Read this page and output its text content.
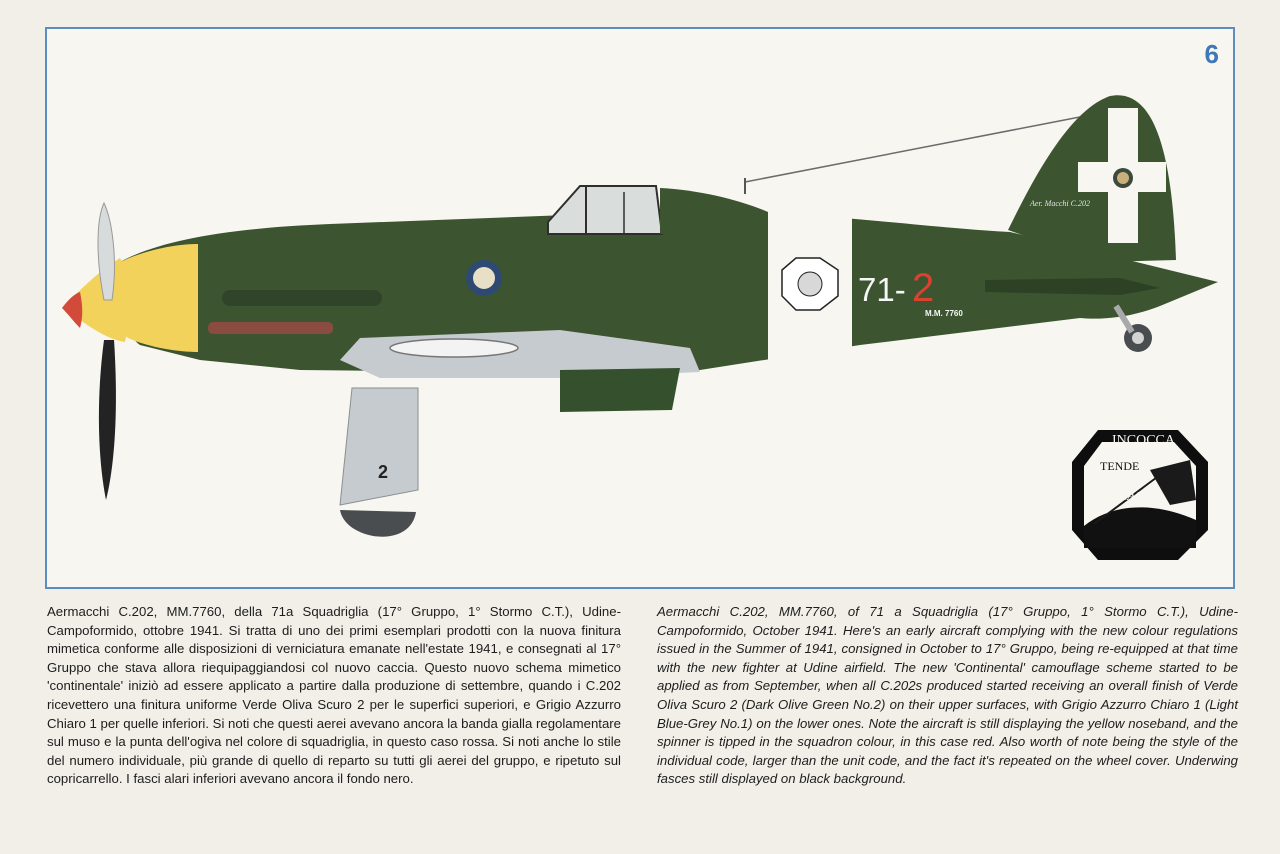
71- 2
M.M. 7760
Aer. Macchi C.202
2
INCOCCA
TENDE
SCAGLIA
6

Aermacchi C.202, MM.7760, della 71a Squadriglia (17° Gruppo, 1° Stormo C.T.), Udine-Campoformido, ottobre 1941. Si tratta di uno dei primi esemplari prodotti con la nuova finitura mimetica conforme alle disposizioni di verniciatura emanate nell'estate 1941, e consegnati al 17° Gruppo che stava allora riequipaggiandosi col nuovo caccia. Questo nuovo schema mimetico 'continentale' iniziò ad essere applicato a partire dalla produzione di settembre, quando i C.202 ricevettero una finitura uniforme Verde Oliva Scuro 2 per le superfici superiori, e Grigio Azzurro Chiaro 1 per quelle inferiori. Si noti che questi aerei avevano ancora la banda gialla regolamentare sul muso e la punta dell'ogiva nel colore di squadriglia, in questo caso rossa. Si noti anche lo stile del numero individuale, più grande di quello di reparto su tutti gli aerei del gruppo, e ripetuto sul copricarrello. I fasci alari inferiori avevano ancora il fondo nero.

Aermacchi C.202, MM.7760, of 71 a Squadriglia (17° Gruppo, 1° Stormo C.T.), Udine-Campoformido, October 1941. Here's an early aircraft complying with the new colour regulations issued in the Summer of 1941, consigned in October to 17° Gruppo, being re-equipped at that time with the new fighter at Udine airfield. The new 'Continental' camouflage scheme started to be applied as from September, when all C.202s produced started receiving an overall finish of Verde Oliva Scuro 2 (Dark Olive Green No.2) on their upper surfaces, with Grigio Azzurro Chiaro 1 (Light Blue-Grey No.1) on the lower ones. Note the aircraft is still displaying the yellow noseband, and the spinner is tipped in the squadron colour, in this case red. Also worth of note being the style of the individual code, larger than the unit code, and the fact it's repeated on the wheel cover. Underwing fasces still displayed on black background.
